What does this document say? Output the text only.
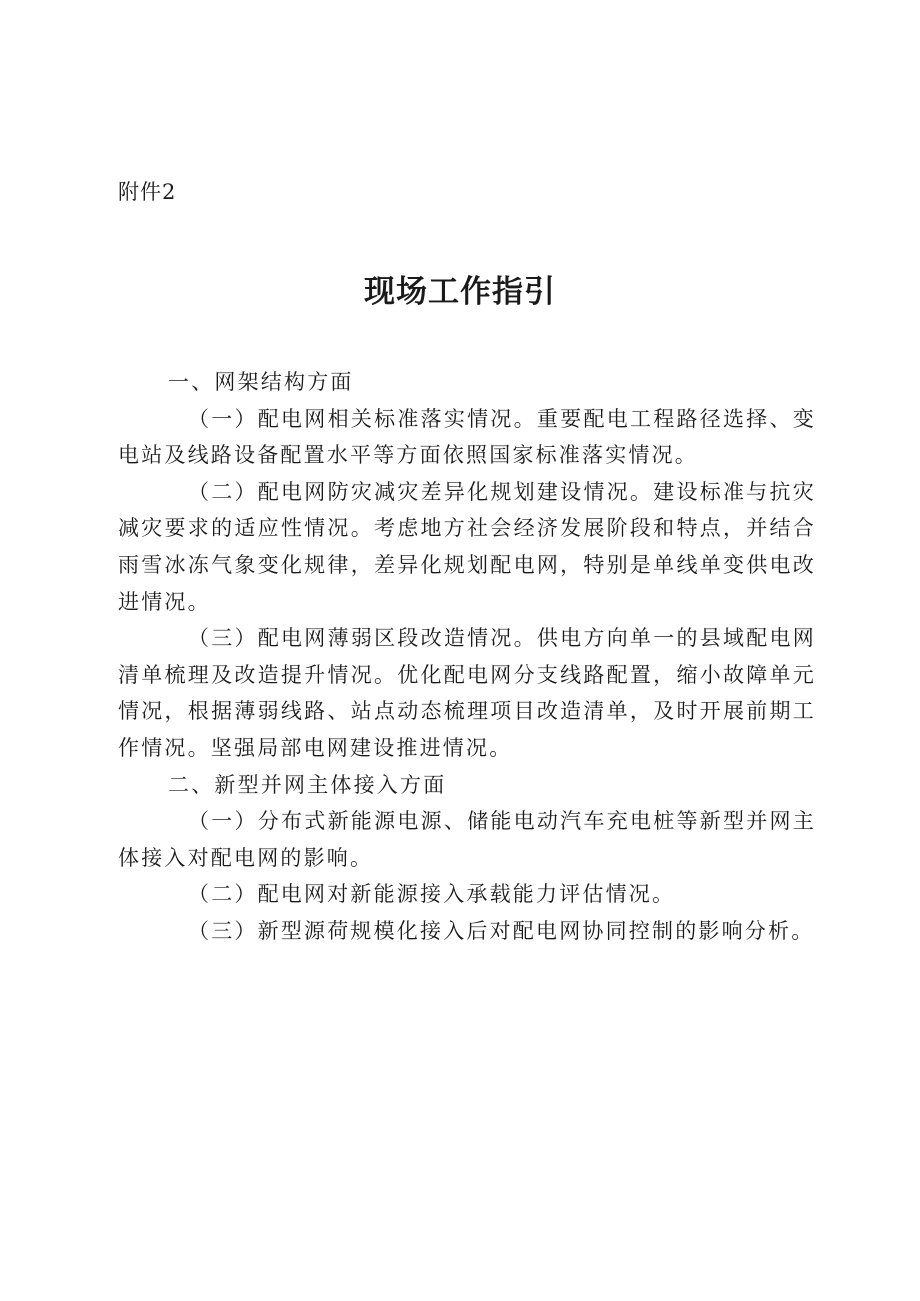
附件2
现场工作指引

一、网架结构方面

（一）配电网相关标准落实情况。重要配电工程路径选择、变电站及线路设备配置水平等方面依照国家标准落实情况。

（二）配电网防灾减灾差异化规划建设情况。建设标准与抗灾减灾要求的适应性情况。考虑地方社会经济发展阶段和特点，并结合雨雪冰冻气象变化规律，差异化规划配电网，特别是单线单变供电改进情况。

（三）配电网薄弱区段改造情况。供电方向单一的县域配电网清单梳理及改造提升情况。优化配电网分支线路配置，缩小故障单元情况，根据薄弱线路、站点动态梳理项目改造清单，及时开展前期工作情况。坚强局部电网建设推进情况。

二、新型并网主体接入方面

（一）分布式新能源电源、储能电动汽车充电桩等新型并网主体接入对配电网的影响。

（二）配电网对新能源接入承载能力评估情况。

（三）新型源荷规模化接入后对配电网协同控制的影响分析。
